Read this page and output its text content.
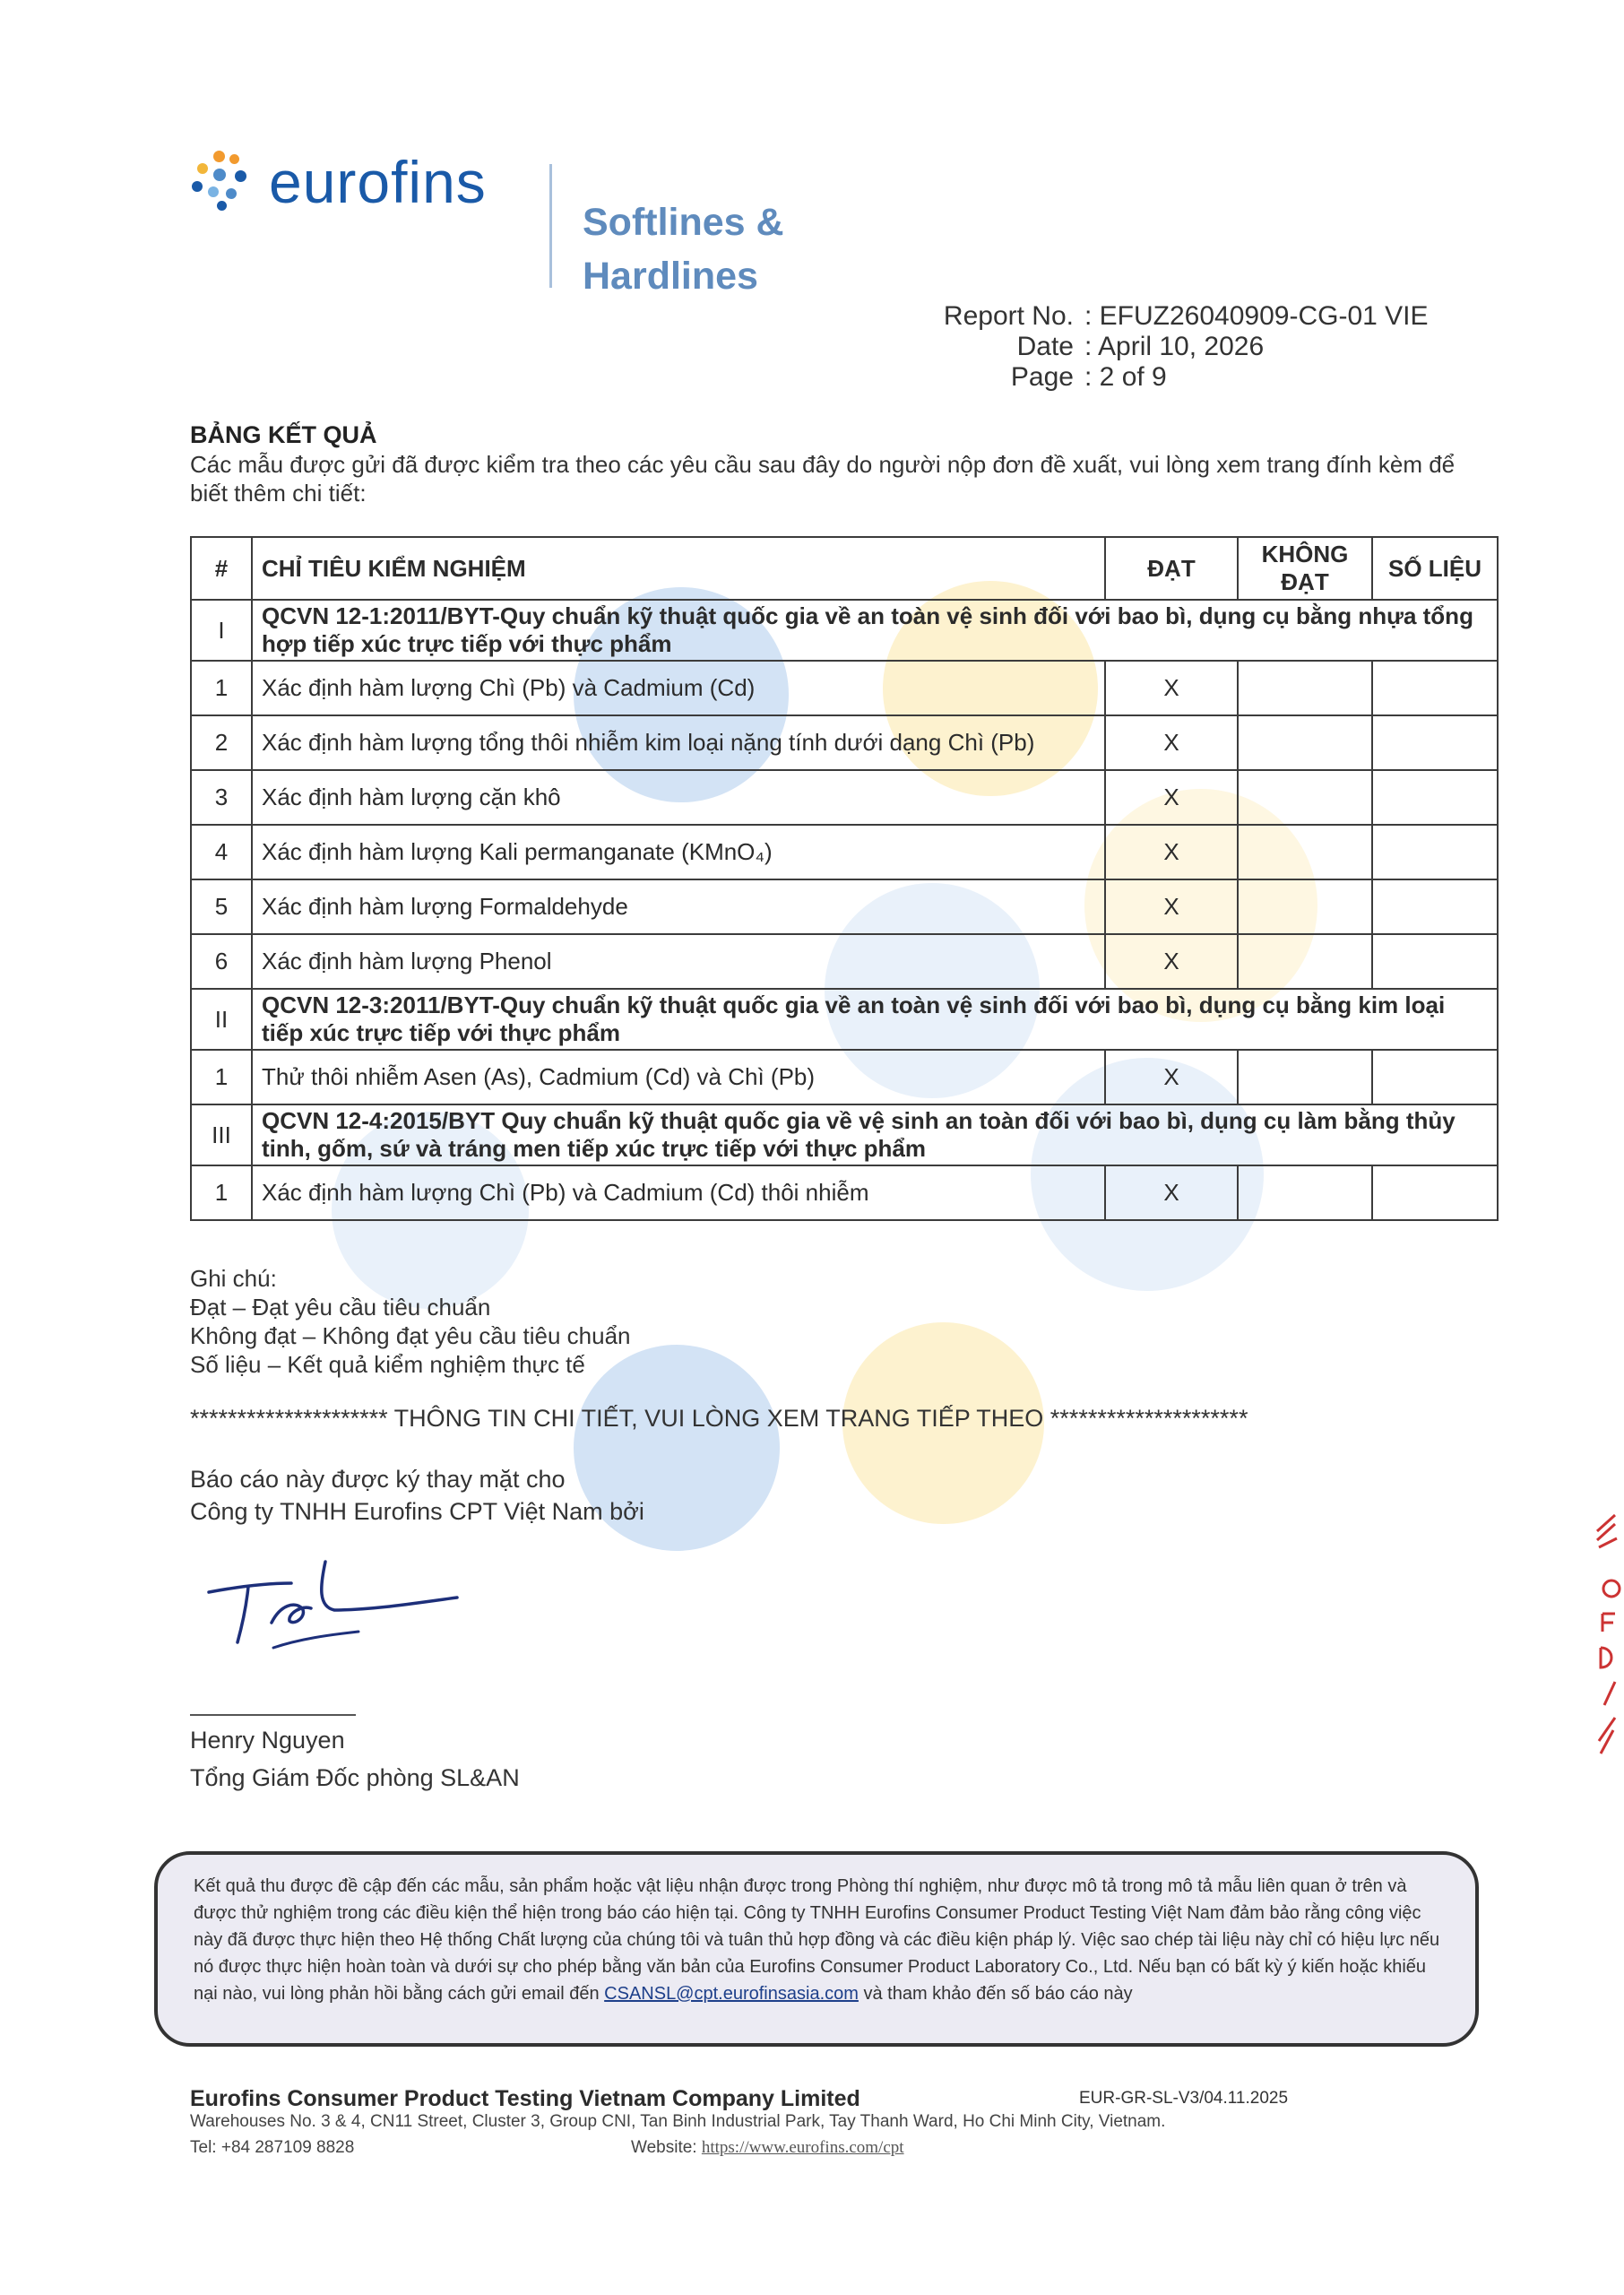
eurofins
Softlines &
Hardlines
Report No. : EFUZ26040909-CG-01 VIE
Date : April 10, 2026
Page : 2 of 9
BẢNG KẾT QUẢ
Các mẫu được gửi đã được kiểm tra theo các yêu cầu sau đây do người nộp đơn đề xuất, vui lòng xem trang đính kèm để biết thêm chi tiết:
#	CHỈ TIÊU KIỂM NGHIỆM	ĐẠT	KHÔNG ĐẠT	SỐ LIỆU
I	QCVN 12-1:2011/BYT-Quy chuẩn kỹ thuật quốc gia về an toàn vệ sinh đối với bao bì, dụng cụ bằng nhựa tổng hợp tiếp xúc trực tiếp với thực phẩm			
1	Xác định hàm lượng Chì (Pb) và Cadmium (Cd)	X		
2	Xác định hàm lượng tổng thôi nhiễm kim loại nặng tính dưới dạng Chì (Pb)	X		
3	Xác định hàm lượng cặn khô	X		
4	Xác định hàm lượng Kali permanganate (KMnO₄)	X		
5	Xác định hàm lượng Formaldehyde	X		
6	Xác định hàm lượng Phenol	X		
II	QCVN 12-3:2011/BYT-Quy chuẩn kỹ thuật quốc gia về an toàn vệ sinh đối với bao bì, dụng cụ bằng kim loại tiếp xúc trực tiếp với thực phẩm			
1	Thử thôi nhiễm Asen (As), Cadmium (Cd) và Chì (Pb)	X		
III	QCVN 12-4:2015/BYT Quy chuẩn kỹ thuật quốc gia về vệ sinh an toàn đối với bao bì, dụng cụ làm bằng thủy tinh, gốm, sứ và tráng men tiếp xúc trực tiếp với thực phẩm			
1	Xác định hàm lượng Chì (Pb) và Cadmium (Cd) thôi nhiễm	X		
Ghi chú:
Đạt – Đạt yêu cầu tiêu chuẩn
Không đạt – Không đạt yêu cầu tiêu chuẩn
Số liệu – Kết quả kiểm nghiệm thực tế
********************* THÔNG TIN CHI TIẾT, VUI LÒNG XEM TRANG TIẾP THEO *********************
Báo cáo này được ký thay mặt cho
Công ty TNHH Eurofins CPT Việt Nam bởi
Henry Nguyen
Tổng Giám Đốc phòng SL&AN
Kết quả thu được đề cập đến các mẫu, sản phẩm hoặc vật liệu nhận được trong Phòng thí nghiệm, như được mô tả trong mô tả mẫu liên quan ở trên và được thử nghiệm trong các điều kiện thể hiện trong báo cáo hiện tại. Công ty TNHH Eurofins Consumer Product Testing Việt Nam đảm bảo rằng công việc này đã được thực hiện theo Hệ thống Chất lượng của chúng tôi và tuân thủ hợp đồng và các điều kiện pháp lý. Việc sao chép tài liệu này chỉ có hiệu lực nếu nó được thực hiện hoàn toàn và dưới sự cho phép bằng văn bản của Eurofins Consumer Product Laboratory Co., Ltd. Nếu bạn có bất kỳ ý kiến hoặc khiếu nại nào, vui lòng phản hồi bằng cách gửi email đến CSANSL@cpt.eurofinsasia.com và tham khảo đến số báo cáo này
Eurofins Consumer Product Testing Vietnam Company Limited	EUR-GR-SL-V3/04.11.2025
Warehouses No. 3 & 4, CN11 Street, Cluster 3, Group CNI, Tan Binh Industrial Park, Tay Thanh Ward, Ho Chi Minh City, Vietnam.
Tel: +84 287109 8828	Website: https://www.eurofins.com/cpt
